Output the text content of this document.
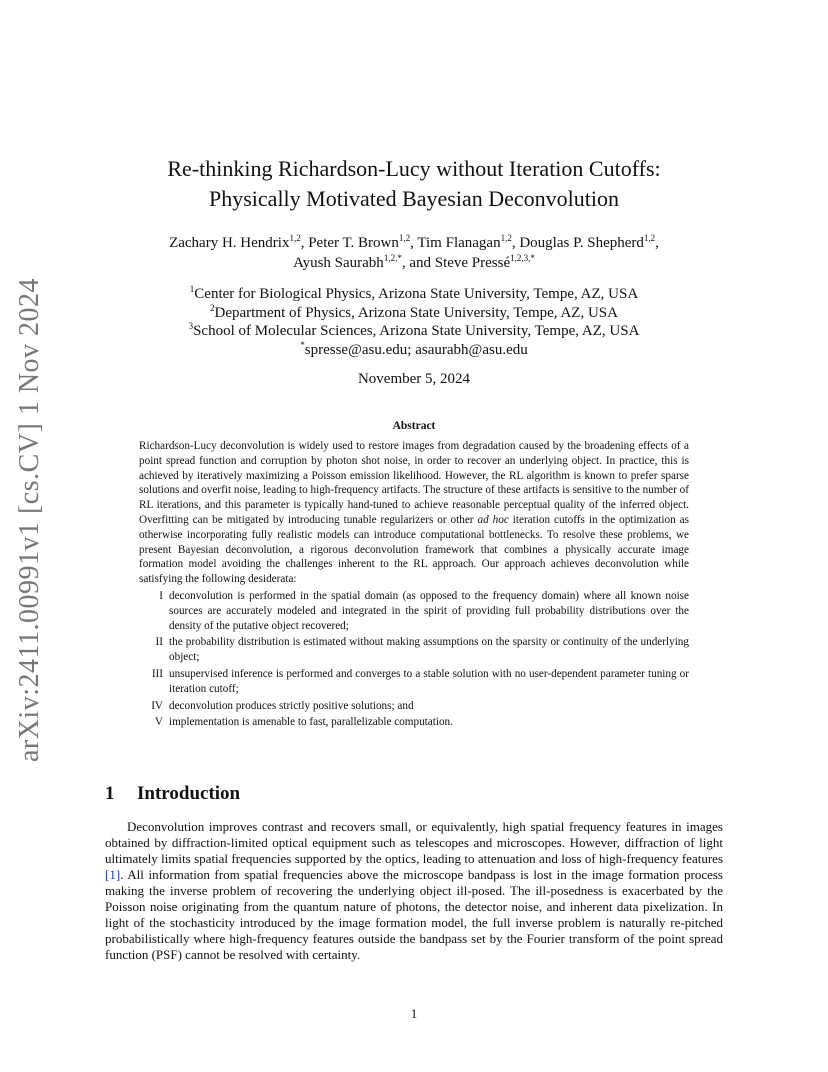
arXiv:2411.00991v1 [cs.CV] 1 Nov 2024
Re-thinking Richardson-Lucy without Iteration Cutoffs:
Physically Motivated Bayesian Deconvolution
Zachary H. Hendrix$^{1,2}$, Peter T. Brown$^{1,2}$, Tim Flanagan$^{1,2}$, Douglas P. Shepherd$^{1,2}$,
Ayush Saurabh$^{1,2,*}$, and Steve Pressé$^{1,2,3,*}$
$^1$Center for Biological Physics, Arizona State University, Tempe, AZ, USA
$^2$Department of Physics, Arizona State University, Tempe, AZ, USA
$^3$School of Molecular Sciences, Arizona State University, Tempe, AZ, USA
*spresse@asu.edu; asaurabh@asu.edu
November 5, 2024
Abstract

Richardson-Lucy deconvolution is widely used to restore images from degradation caused by the broadening effects of a point spread function and corruption by photon shot noise, in order to recover an underlying object. In practice, this is achieved by iteratively maximizing a Poisson emission likelihood. However, the RL algorithm is known to prefer sparse solutions and overfit noise, leading to high-frequency artifacts. The structure of these artifacts is sensitive to the number of RL iterations, and this parameter is typically hand-tuned to achieve reasonable perceptual quality of the inferred object. Overfitting can be mitigated by introducing tunable regularizers or other ad hoc iteration cutoffs in the optimization as otherwise incorporating fully realistic models can introduce computational bottlenecks. To resolve these problems, we present Bayesian deconvolution, a rigorous deconvolution framework that combines a physically accurate image formation model avoiding the challenges inherent to the RL approach. Our approach achieves deconvolution while satisfying the following desiderata:

I deconvolution is performed in the spatial domain (as opposed to the frequency domain) where all known noise sources are accurately modeled and integrated in the spirit of providing full probability distributions over the density of the putative object recovered;
II the probability distribution is estimated without making assumptions on the sparsity or continuity of the underlying object;
III unsupervised inference is performed and converges to a stable solution with no user-dependent parameter tuning or iteration cutoff;
IV deconvolution produces strictly positive solutions; and
V implementation is amenable to fast, parallelizable computation.
1 Introduction

Deconvolution improves contrast and recovers small, or equivalently, high spatial frequency features in images obtained by diffraction-limited optical equipment such as telescopes and microscopes. However, diffraction of light ultimately limits spatial frequencies supported by the optics, leading to attenuation and loss of high-frequency features [1]. All information from spatial frequencies above the microscope bandpass is lost in the image formation process making the inverse problem of recovering the underlying object ill-posed. The ill-posedness is exacerbated by the Poisson noise originating from the quantum nature of photons, the detector noise, and inherent data pixelization. In light of the stochasticity introduced by the image formation model, the full inverse problem is naturally re-pitched probabilistically where high-frequency features outside the bandpass set by the Fourier transform of the point spread function (PSF) cannot be resolved with certainty.

1
